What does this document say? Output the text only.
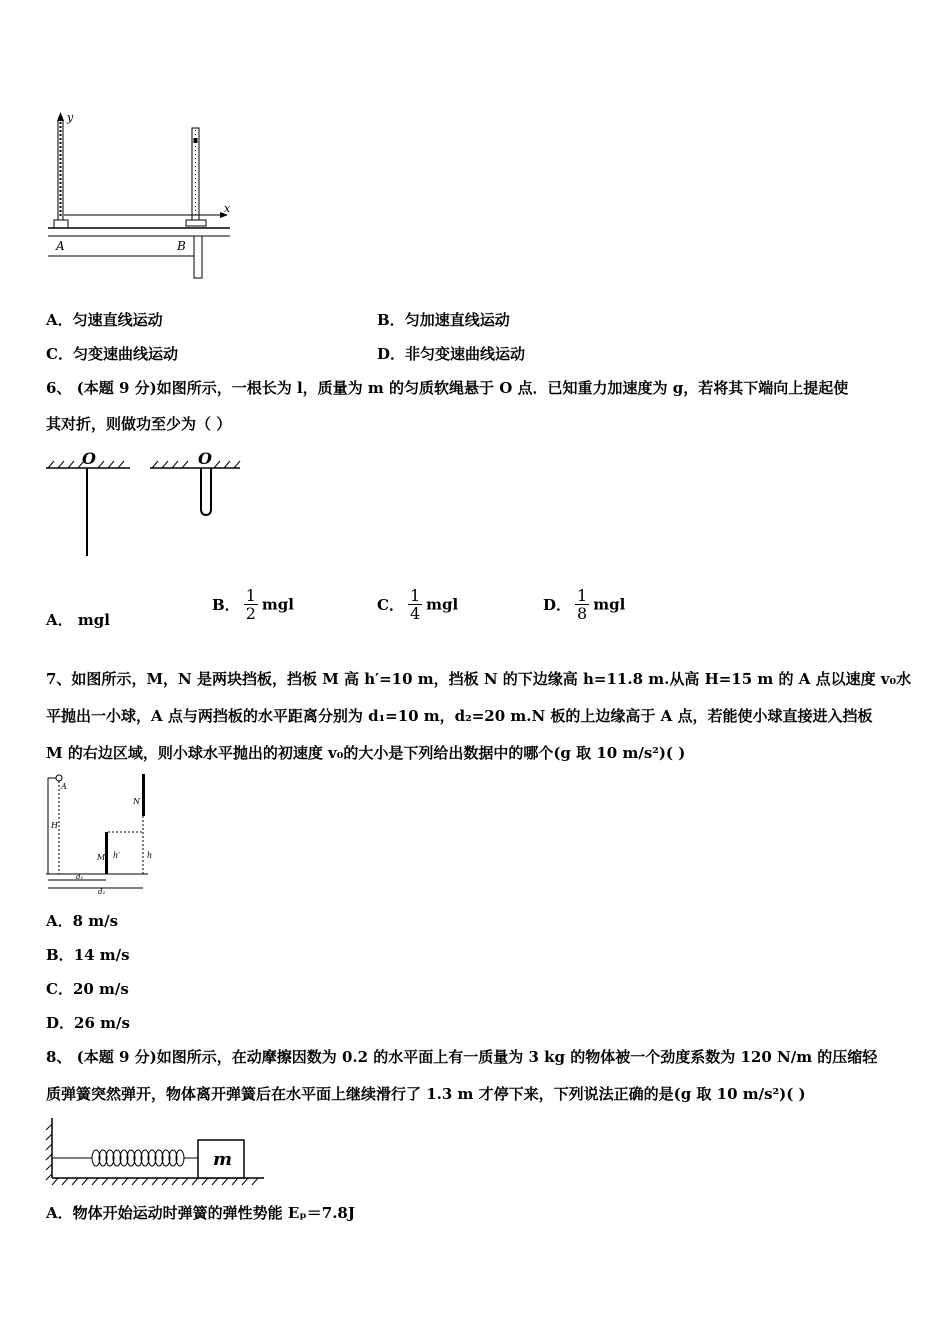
y
x
A	B
A．匀速直线运动	B．匀加速直线运动
C．匀变速曲线运动	D．非匀变速曲线运动
6、 (本题 9 分)如图所示，一根长为 l，质量为 m 的匀质软绳悬于 O 点．已知重力加速度为 g，若将其下端向上提起使
其对折，则做功至少为（ ）
O	O
A． mgl
B． $\frac{1}{2}$ mgl	C． $\frac{1}{4}$ mgl	D． $\frac{1}{8}$ mgl
7、如图所示，M，N 是两块挡板，挡板 M 高 h′=10 m，挡板 N 的下边缘高 h=11.8 m.从高 H=15 m 的 A 点以速度 v₀水
平抛出一小球，A 点与两挡板的水平距离分别为 d₁=10 m，d₂=20 m.N 板的上边缘高于 A 点，若能使小球直接进入挡板
M 的右边区域，则小球水平抛出的初速度 v₀的大小是下列给出数据中的哪个(g 取 10 m/s²)( )
A
H
M h′
N
h
d₁
d₂
A．8 m/s
B．14 m/s
C．20 m/s
D．26 m/s
8、 (本题 9 分)如图所示，在动摩擦因数为 0.2 的水平面上有一质量为 3 kg 的物体被一个劲度系数为 120 N/m 的压缩轻
质弹簧突然弹开，物体离开弹簧后在水平面上继续滑行了 1.3 m 才停下来，下列说法正确的是(g 取 10 m/s²)( )
m
A．物体开始运动时弹簧的弹性势能 Eₚ＝7.8J
